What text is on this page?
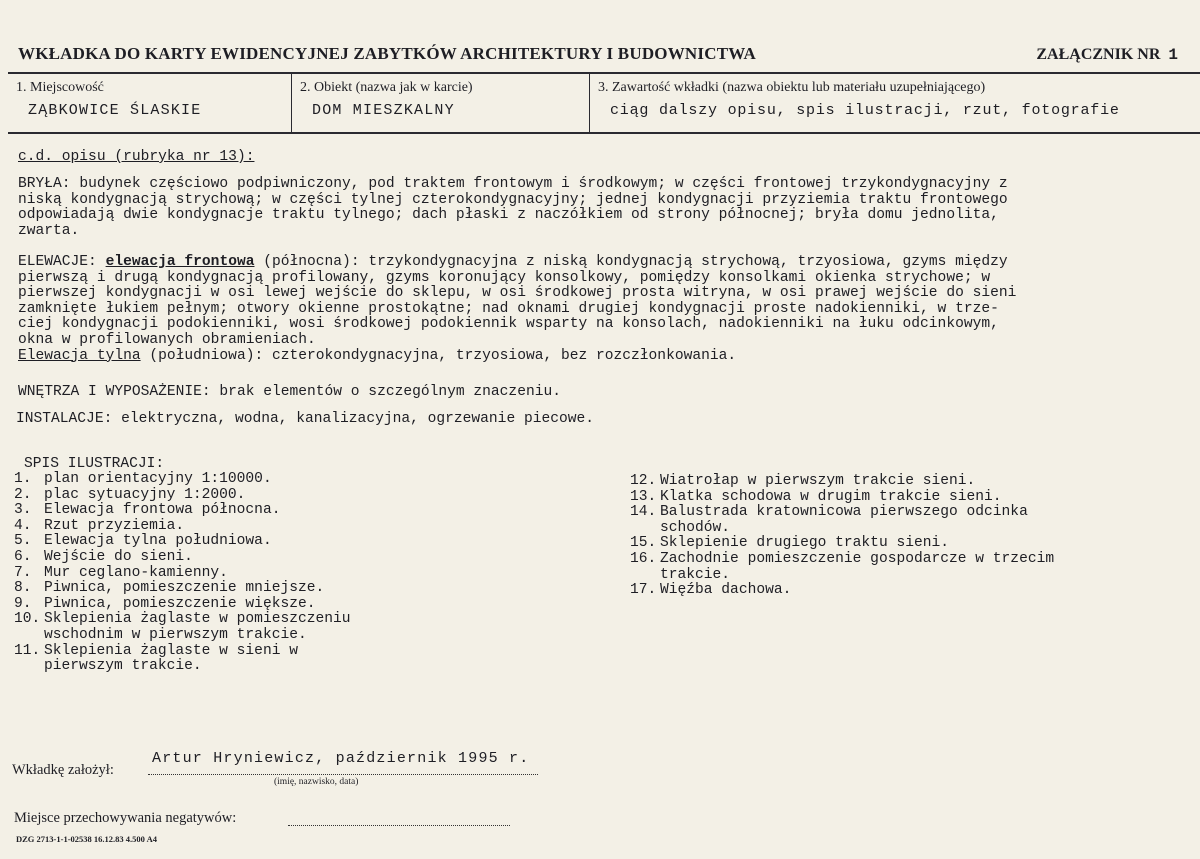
WKŁADKA DO KARTY EWIDENCYJNEJ ZABYTKÓW ARCHITEKTURY I BUDOWNICTWA	ZAŁĄCZNIK NR 1
1. Miejscowość
ZĄBKOWICE ŚLASKIE
2. Obiekt (nazwa jak w karcie)
DOM MIESZKALNY
3. Zawartość wkładki (nazwa obiektu lub materiału uzupełniającego)
ciąg dalszy opisu, spis ilustracji, rzut, fotografie
c.d. opisu (rubryka nr 13):
BRYŁA: budynek częściowo podpiwniczony, pod traktem frontowym i środkowym; w części frontowej trzykondygnacyjny z
niską kondygnacją strychową; w części tylnej czterokondygnacyjny; jednej kondygnacji przyziemia traktu frontowego
odpowiadają dwie kondygnacje traktu tylnego; dach płaski z naczółkiem od strony północnej; bryła domu jednolita,
zwarta.
ELEWACJE: elewacja frontowa (północna): trzykondygnacyjna z niską kondygnacją strychową, trzyosiowa, gzyms między
pierwszą i drugą kondygnacją profilowany, gzyms koronujący konsolkowy, pomiędzy konsolkami okienka strychowe; w
pierwszej kondygnacji w osi lewej wejście do sklepu, w osi środkowej prosta witryna, w osi prawej wejście do sieni
zamknięte łukiem pełnym; otwory okienne prostokątne; nad oknami drugiej kondygnacji proste nadokienniki, w trze-
ciej kondygnacji podokienniki, wosi środkowej podokiennik wsparty na konsolach, nadokienniki na łuku odcinkowym,
okna w profilowanych obramieniach.
Elewacja tylna (południowa): czterokondygnacyjna, trzyosiowa, bez rozczłonkowania.
WNĘTRZA I WYPOSAŻENIE: brak elementów o szczególnym znaczeniu.
INSTALACJE: elektryczna, wodna, kanalizacyjna, ogrzewanie piecowe.
SPIS ILUSTRACJI:
1. plan orientacyjny 1:10000.
2. plac sytuacyjny 1:2000.
3. Elewacja frontowa północna.
4. Rzut przyziemia.
5. Elewacja tylna południowa.
6. Wejście do sieni.
7. Mur ceglano-kamienny.
8. Piwnica, pomieszczenie mniejsze.
9. Piwnica, pomieszczenie większe.
10. Sklepienia żaglaste w pomieszczeniu
wschodnim w pierwszym trakcie.
11. Sklepienia żaglaste w sieni w
pierwszym trakcie.
12. Wiatrołap w pierwszym trakcie sieni.
13. Klatka schodowa w drugim trakcie sieni.
14. Balustrada kratownicowa pierwszego odcinka
schodów.
15. Sklepienie drugiego traktu sieni.
16. Zachodnie pomieszczenie gospodarcze w trzecim
trakcie.
17. Więźba dachowa.
Wkładkę założył:
Artur Hryniewicz, październik 1995 r.
(imię, nazwisko, data)
Miejsce przechowywania negatywów:
DZG 2713-1-1-02538 16.12.83 4.500 A4
